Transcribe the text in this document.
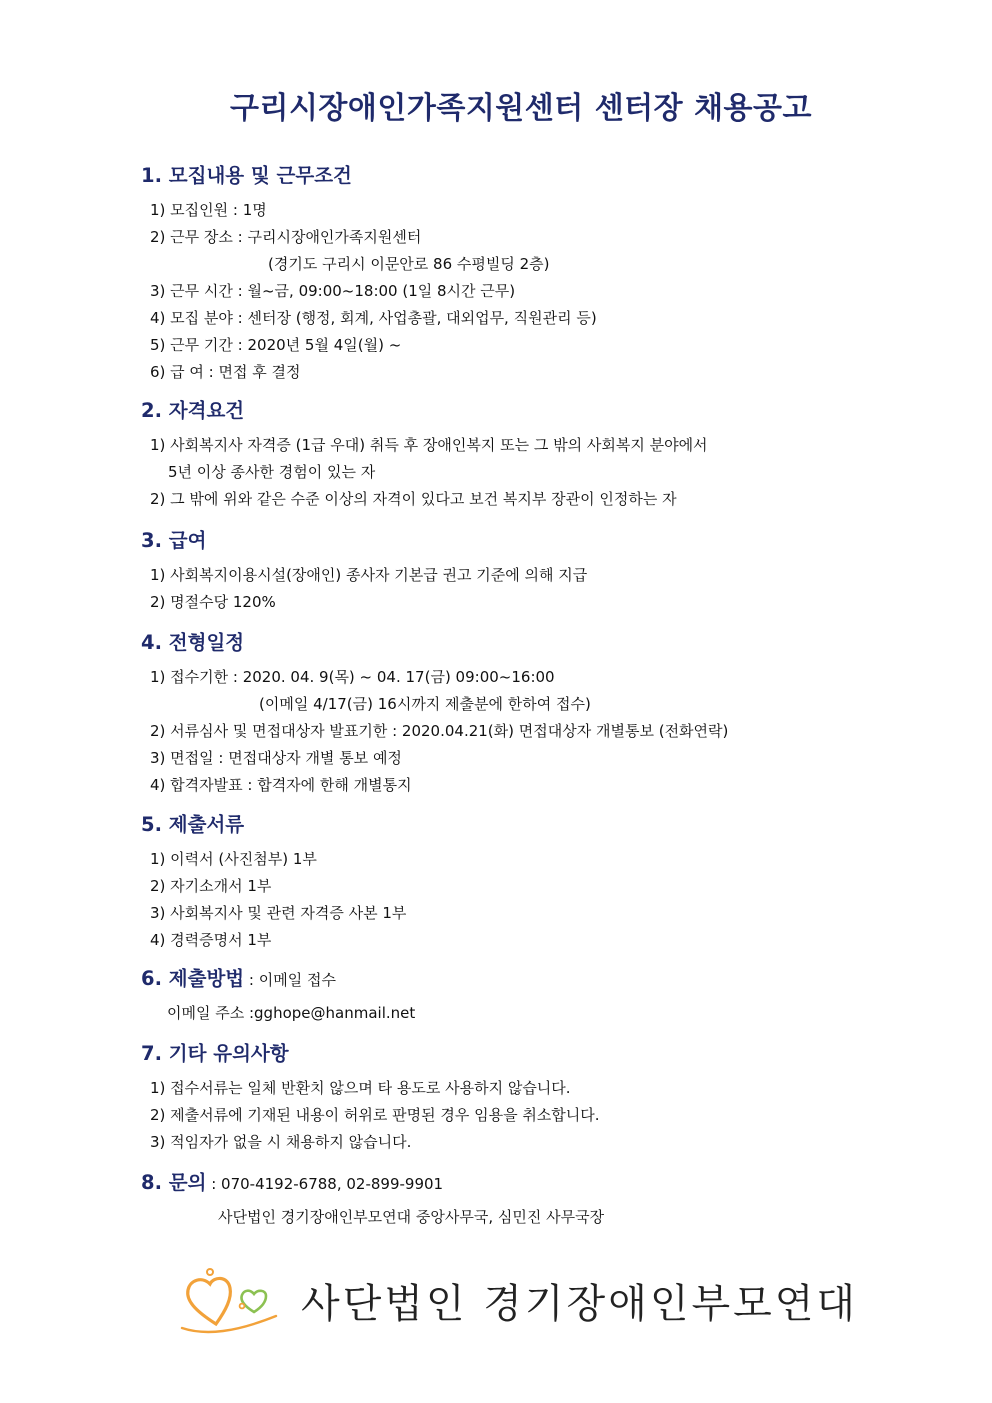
구리시장애인가족지원센터 센터장 채용공고
1. 모집내용 및 근무조건
1) 모집인원 : 1명
2) 근무 장소 : 구리시장애인가족지원센터
(경기도 구리시 이문안로 86 수평빌딩 2층)
3) 근무 시간 : 월~금, 09:00~18:00 (1일 8시간 근무)
4) 모집 분야 : 센터장 (행정, 회계, 사업총괄, 대외업무, 직원관리 등)
5) 근무 기간 : 2020년 5월 4일(월) ~
6) 급 여 : 면접 후 결정
2. 자격요건
1) 사회복지사 자격증 (1급 우대) 취득 후 장애인복지 또는 그 밖의 사회복지 분야에서
5년 이상 종사한 경험이 있는 자
2) 그 밖에 위와 같은 수준 이상의 자격이 있다고 보건 복지부 장관이 인정하는 자
3. 급여
1) 사회복지이용시설(장애인) 종사자 기본급 권고 기준에 의해 지급
2) 명절수당 120%
4. 전형일정
1) 접수기한 : 2020. 04. 9(목) ~ 04. 17(금) 09:00~16:00
(이메일 4/17(금) 16시까지 제출분에 한하여 접수)
2) 서류심사 및 면접대상자 발표기한 : 2020.04.21(화) 면접대상자 개별통보 (전화연락)
3) 면접일 : 면접대상자 개별 통보 예정
4) 합격자발표 : 합격자에 한해 개별통지
5. 제출서류
1) 이력서 (사진첨부) 1부
2) 자기소개서 1부
3) 사회복지사 및 관련 자격증 사본 1부
4) 경력증명서 1부
6. 제출방법 : 이메일 접수
이메일 주소 :gghope@hanmail.net
7. 기타 유의사항
1) 접수서류는 일체 반환치 않으며 타 용도로 사용하지 않습니다.
2) 제출서류에 기재된 내용이 허위로 판명된 경우 임용을 취소합니다.
3) 적임자가 없을 시 채용하지 않습니다.
8. 문의 : 070-4192-6788, 02-899-9901
사단법인 경기장애인부모연대 중앙사무국, 심민진 사무국장
사단법인 경기장애인부모연대
